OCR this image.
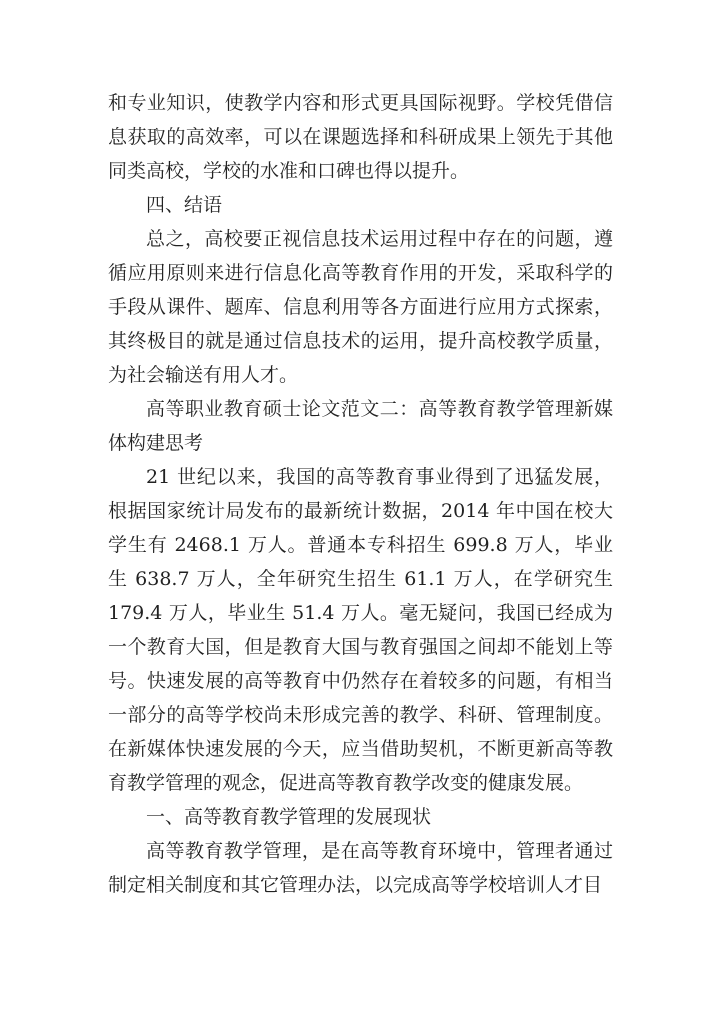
和专业知识，使教学内容和形式更具国际视野。学校凭借信息获取的高效率，可以在课题选择和科研成果上领先于其他同类高校，学校的水准和口碑也得以提升。

四、结语

总之，高校要正视信息技术运用过程中存在的问题，遵循应用原则来进行信息化高等教育作用的开发，采取科学的手段从课件、题库、信息利用等各方面进行应用方式探索，其终极目的就是通过信息技术的运用，提升高校教学质量，为社会输送有用人才。

高等职业教育硕士论文范文二：高等教育教学管理新媒体构建思考

21 世纪以来，我国的高等教育事业得到了迅猛发展，根据国家统计局发布的最新统计数据，2014 年中国在校大学生有 2468.1 万人。普通本专科招生 699.8 万人，毕业生 638.7 万人，全年研究生招生 61.1 万人，在学研究生 179.4 万人，毕业生 51.4 万人。毫无疑问，我国已经成为一个教育大国，但是教育大国与教育强国之间却不能划上等号。快速发展的高等教育中仍然存在着较多的问题，有相当一部分的高等学校尚未形成完善的教学、科研、管理制度。在新媒体快速发展的今天，应当借助契机，不断更新高等教育教学管理的观念，促进高等教育教学改变的健康发展。

一、高等教育教学管理的发展现状

高等教育教学管理，是在高等教育环境中，管理者通过制定相关制度和其它管理办法，以完成高等学校培训人才目
